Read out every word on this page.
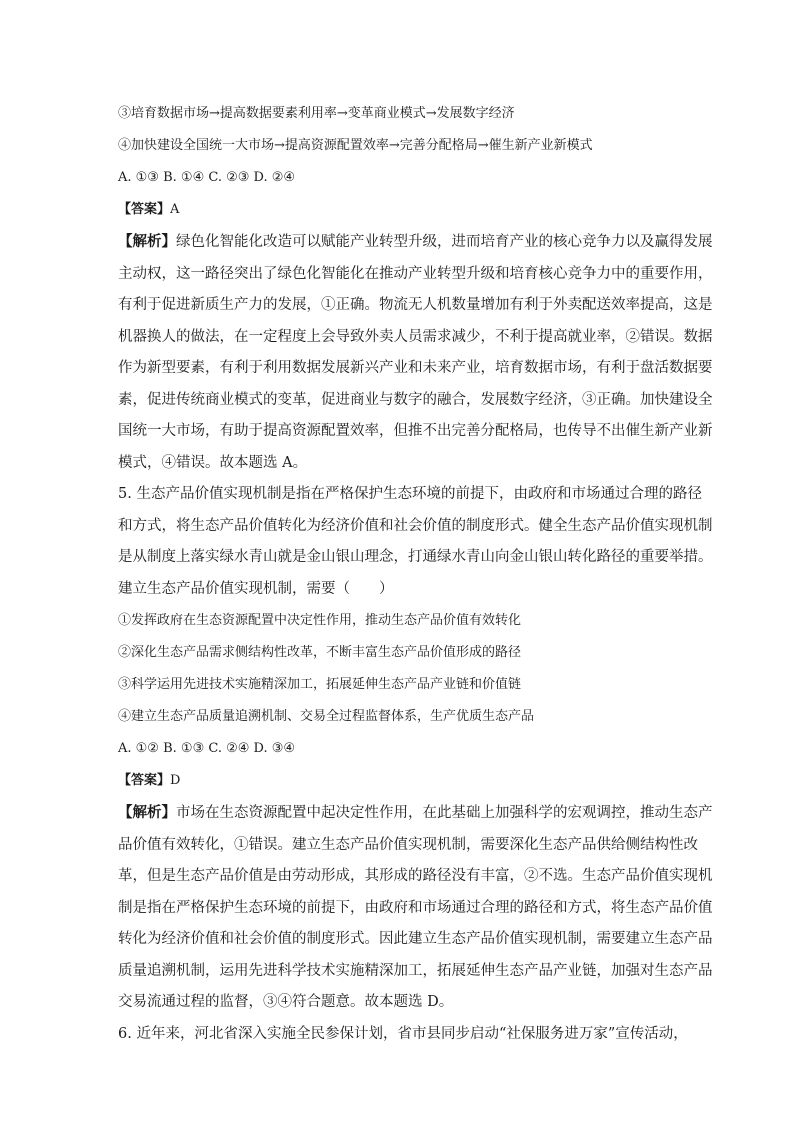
③培育数据市场→提高数据要素利用率→变革商业模式→发展数字经济
④加快建设全国统一大市场→提高资源配置效率→完善分配格局→催生新产业新模式
A. ①③ B. ①④ C. ②③ D. ②④
【答案】A
【解析】绿色化智能化改造可以赋能产业转型升级，进而培育产业的核心竞争力以及赢得发展主动权，这一路径突出了绿色化智能化在推动产业转型升级和培育核心竞争力中的重要作用，有利于促进新质生产力的发展，①正确。物流无人机数量增加有利于外卖配送效率提高，这是机器换人的做法，在一定程度上会导致外卖人员需求减少，不利于提高就业率，②错误。数据作为新型要素，有利于利用数据发展新兴产业和未来产业，培育数据市场，有利于盘活数据要素，促进传统商业模式的变革，促进商业与数字的融合，发展数字经济，③正确。加快建设全国统一大市场，有助于提高资源配置效率，但推不出完善分配格局，也传导不出催生新产业新模式，④错误。故本题选 A。
5. 生态产品价值实现机制是指在严格保护生态环境的前提下，由政府和市场通过合理的路径和方式，将生态产品价值转化为经济价值和社会价值的制度形式。健全生态产品价值实现机制是从制度上落实绿水青山就是金山银山理念，打通绿水青山向金山银山转化路径的重要举措。建立生态产品价值实现机制，需要（　　）
①发挥政府在生态资源配置中决定性作用，推动生态产品价值有效转化
②深化生态产品需求侧结构性改革，不断丰富生态产品价值形成的路径
③科学运用先进技术实施精深加工，拓展延伸生态产品产业链和价值链
④建立生态产品质量追溯机制、交易全过程监督体系，生产优质生态产品
A. ①② B. ①③ C. ②④ D. ③④
【答案】D
【解析】市场在生态资源配置中起决定性作用，在此基础上加强科学的宏观调控，推动生态产品价值有效转化，①错误。建立生态产品价值实现机制，需要深化生态产品供给侧结构性改革，但是生态产品价值是由劳动形成，其形成的路径没有丰富，②不选。生态产品价值实现机制是指在严格保护生态环境的前提下，由政府和市场通过合理的路径和方式，将生态产品价值转化为经济价值和社会价值的制度形式。因此建立生态产品价值实现机制，需要建立生态产品质量追溯机制，运用先进科学技术实施精深加工，拓展延伸生态产品产业链，加强对生态产品交易流通过程的监督，③④符合题意。故本题选 D。
6. 近年来，河北省深入实施全民参保计划，省市县同步启动“社保服务进万家”宣传活动，
